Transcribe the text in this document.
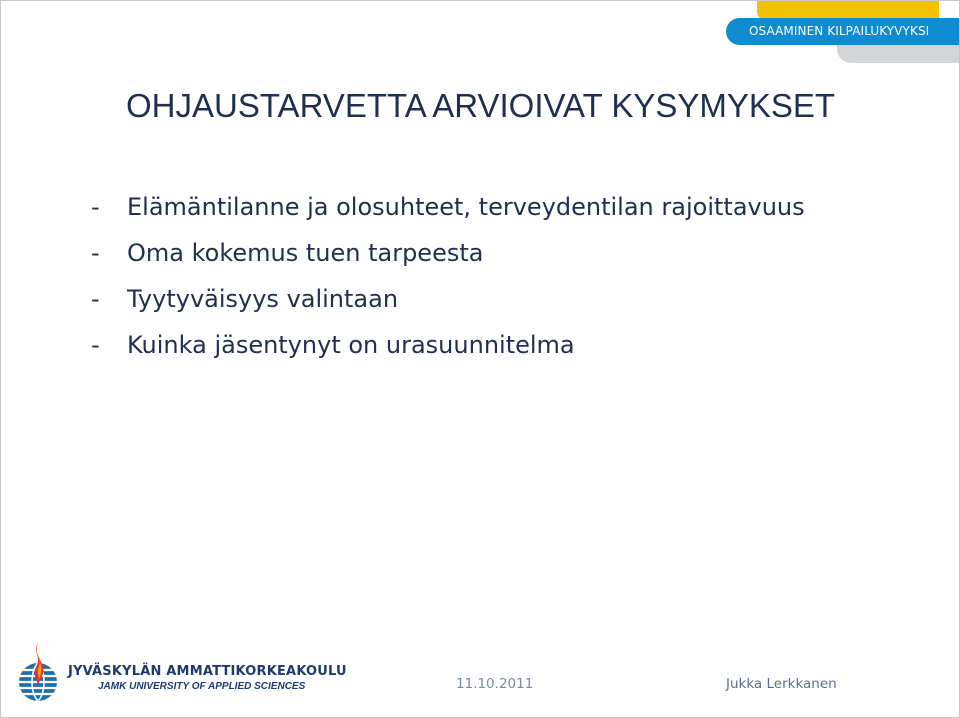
OSAAMINEN KILPAILUKYVYKSI
OHJAUSTARVETTA ARVIOIVAT KYSYMYKSET
-	Elämäntilanne ja olosuhteet, terveydentilan rajoittavuus
-	Oma kokemus tuen tarpeesta
-	Tyytyväisyys valintaan
-	Kuinka jäsentynyt on urasuunnitelma
JYVÄSKYLÄN AMMATTIKORKEAKOULU
JAMK UNIVERSITY OF APPLIED SCIENCES	11.10.2011	Jukka Lerkkanen
